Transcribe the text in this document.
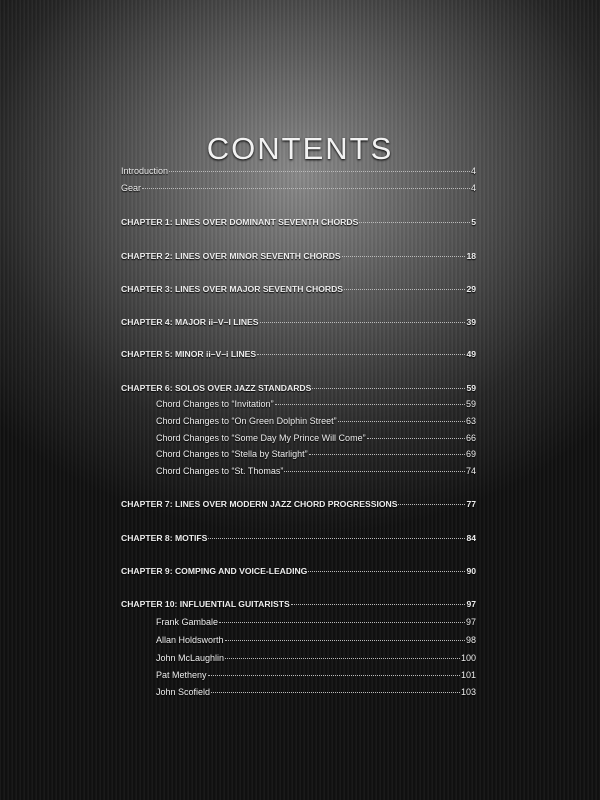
CONTENTS
Introduction	4
Gear	4
CHAPTER 1: LINES OVER DOMINANT SEVENTH CHORDS	5
CHAPTER 2: LINES OVER MINOR SEVENTH CHORDS	18
CHAPTER 3: LINES OVER MAJOR SEVENTH CHORDS	29
CHAPTER 4: MAJOR ii–V–I LINES	39
CHAPTER 5: MINOR ii–V–i LINES	49
CHAPTER 6: SOLOS OVER JAZZ STANDARDS	59
Chord Changes to “Invitation”	59
Chord Changes to “On Green Dolphin Street”	63
Chord Changes to “Some Day My Prince Will Come”	66
Chord Changes to “Stella by Starlight”	69
Chord Changes to “St. Thomas”	74
CHAPTER 7: LINES OVER MODERN JAZZ CHORD PROGRESSIONS	77
CHAPTER 8: MOTIFS	84
CHAPTER 9: COMPING AND VOICE-LEADING	90
CHAPTER 10: INFLUENTIAL GUITARISTS	97
Frank Gambale	97
Allan Holdsworth	98
John McLaughlin	100
Pat Metheny	101
John Scofield	103
